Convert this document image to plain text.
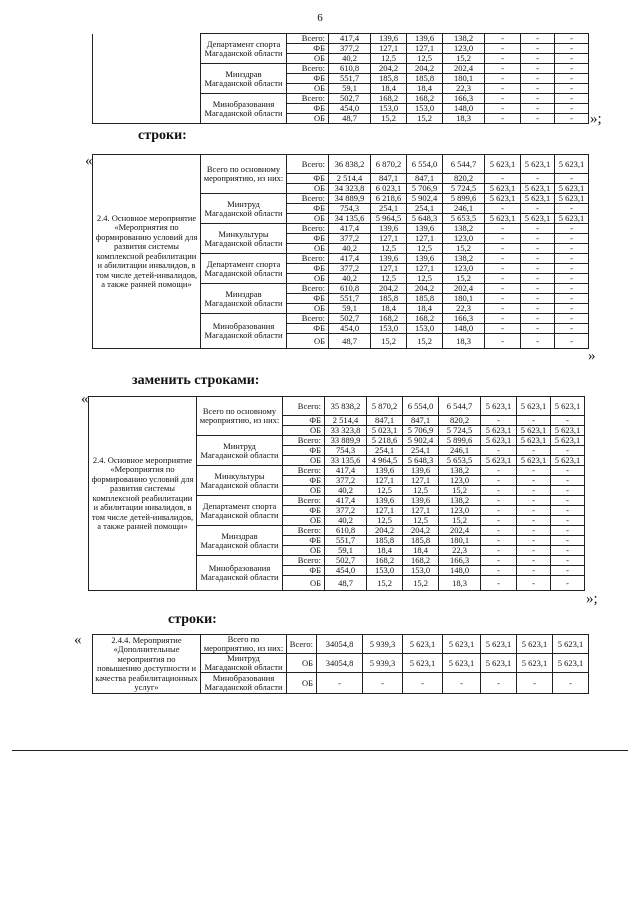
6
	Департамент спорта Магаданской области	Всего:	417,4	139,6	139,6	138,2	-	-	-
		ФБ	377,2	127,1	127,1	123,0	-	-	-
		ОБ	40,2	12,5	12,5	15,2	-	-	-
	Минздрав Магаданской области	Всего:	610,8	204,2	204,2	202,4	-	-	-
		ФБ	551,7	185,8	185,8	180,1	-	-	-
		ОБ	59,1	18,4	18,4	22,3	-	-	-
	Минобразования Магаданской области	Всего:	502,7	168,2	168,2	166,3	-	-	-
		ФБ	454,0	153,0	153,0	148,0	-	-	-
		ОБ	48,7	15,2	15,2	18,3	-	-	- »;
строки:
«
2.4. Основное мероприятие «Мероприятия по формированию условий для развития системы комплексной реабилитации и абилитации инвалидов, в том числе детей-инвалидов, а также ранней помощи»	Всего по основному мероприятию, из них:	Всего:	36 838,2	6 870,2	6 554,0	6 544,7	5 623,1	5 623,1	5 623,1
		ФБ	2 514,4	847,1	847,1	820,2	-	-	-
		ОБ	34 323,8	6 023,1	5 706,9	5 724,5	5 623,1	5 623,1	5 623,1
	Минтруд Магаданской области	Всего:	34 889,9	6 218,6	5 902,4	5 899,6	5 623,1	5 623,1	5 623,1
		ФБ	754,3	254,1	254,1	246,1	-	-	-
		ОБ	34 135,6	5 964,5	5 648,3	5 653,5	5 623,1	5 623,1	5 623,1
	Минкультуры Магаданской области	Всего:	417,4	139,6	139,6	138,2	-	-	-
		ФБ	377,2	127,1	127,1	123,0	-	-	-
		ОБ	40,2	12,5	12,5	15,2	-	-	-
	Департамент спорта Магаданской области	Всего:	417,4	139,6	139,6	138,2	-	-	-
		ФБ	377,2	127,1	127,1	123,0	-	-	-
		ОБ	40,2	12,5	12,5	15,2	-	-	-
	Минздрав Магаданской области	Всего:	610,8	204,2	204,2	202,4	-	-	-
		ФБ	551,7	185,8	185,8	180,1	-	-	-
		ОБ	59,1	18,4	18,4	22,3	-	-	-
	Минобразования Магаданской области	Всего:	502,7	168,2	168,2	166,3	-	-	-
		ФБ	454,0	153,0	153,0	148,0	-	-	-
		ОБ	48,7	15,2	15,2	18,3	-	-	-
»
заменить строками:
«
2.4. Основное мероприятие «Мероприятия по формированию условий для развития системы комплексной реабилитации и абилитации инвалидов, в том числе детей-инвалидов, а также ранней помощи»	Всего по основному мероприятию, из них:	Всего:	35 838,2	5 870,2	6 554,0	6 544,7	5 623,1	5 623,1	5 623,1
		ФБ	2 514,4	847,1	847,1	820,2	-	-	-
		ОБ	33 323,8	5 023,1	5 706,9	5 724,5	5 623,1	5 623,1	5 623,1
	Минтруд Магаданской области	Всего:	33 889,9	5 218,6	5 902,4	5 899,6	5 623,1	5 623,1	5 623,1
		ФБ	754,3	254,1	254,1	246,1	-	-	-
		ОБ	33 135,6	4 964,5	5 648,3	5 653,5	5 623,1	5 623,1	5 623,1
	Минкультуры Магаданской области	Всего:	417,4	139,6	139,6	138,2	-	-	-
		ФБ	377,2	127,1	127,1	123,0	-	-	-
		ОБ	40,2	12,5	12,5	15,2	-	-	-
	Департамент спорта Магаданской области	Всего:	417,4	139,6	139,6	138,2	-	-	-
		ФБ	377,2	127,1	127,1	123,0	-	-	-
		ОБ	40,2	12,5	12,5	15,2	-	-	-
	Минздрав Магаданской области	Всего:	610,8	204,2	204,2	202,4	-	-	-
		ФБ	551,7	185,8	185,8	180,1	-	-	-
		ОБ	59,1	18,4	18,4	22,3	-	-	-
	Минобразования Магаданской области	Всего:	502,7	168,2	168,2	166,3	-	-	-
		ФБ	454,0	153,0	153,0	148,0	-	-	-
		ОБ	48,7	15,2	15,2	18,3	-	-	-
»;
строки:
«	2.4.4. Мероприятие «Дополнительные мероприятия по повышению доступности и качества реабилитационных услуг»	Всего по мероприятию, из них:	Всего:	34054,8	5 939,3	5 623,1	5 623,1	5 623,1	5 623,1	5 623,1
	Минтруд Магаданской области	ОБ	34054,8	5 939,3	5 623,1	5 623,1	5 623,1	5 623,1	5 623,1
	Минобразования Магаданской области	ОБ	-	-	-	-	-	-	-
